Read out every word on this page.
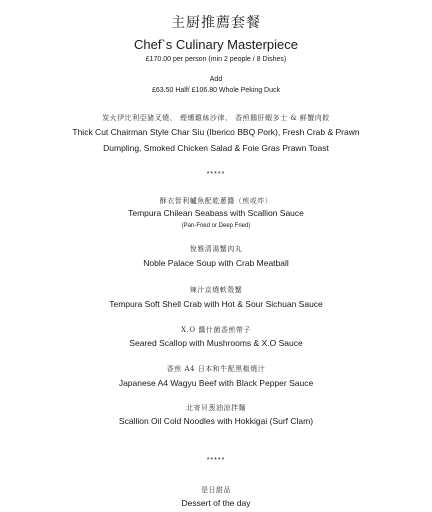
主厨推薦套餐
Chef`s Culinary Masterpiece
£170.00 per person (min 2 people / 8 Dishes)
Add
£63.50 Half/ £106.80 Whole Peking Duck
炭火伊比利亞豬叉燒、 煙燻雞絲沙律、 香煎鵝肝蝦多士 & 鮮蟹肉餃
Thick Cut Chairman Style Char Siu (Iberico BBQ Pork), Fresh Crab & Prawn
Dumpling, Smoked Chicken Salad & Foie Gras Prawn Toast
*****
酥衣智利鱸魚配乾蔥醬（煎或炸）
Tempura Chilean Seabass with Scallion Sauce
(Pan-Fried or Deep Fried)
悅雅清湯蟹肉丸
Noble Palace Soup with Crab Meatball
辣汁京燒軟殼蟹
Tempura Soft Shell Crab with Hot & Sour Sichuan Sauce
X.O 醬什菌香煎帶子
Seared Scallop with Mushrooms & X.O Sauce
香煎 A4 日本和牛配黑椒燒汁
Japanese A4 Wagyu Beef with Black Pepper Sauce
北寄貝葱油涼拌麵
Scallion Oil Cold Noodles with Hokkigai (Surf Clam)
*****
是日甜品
Dessert of the day
